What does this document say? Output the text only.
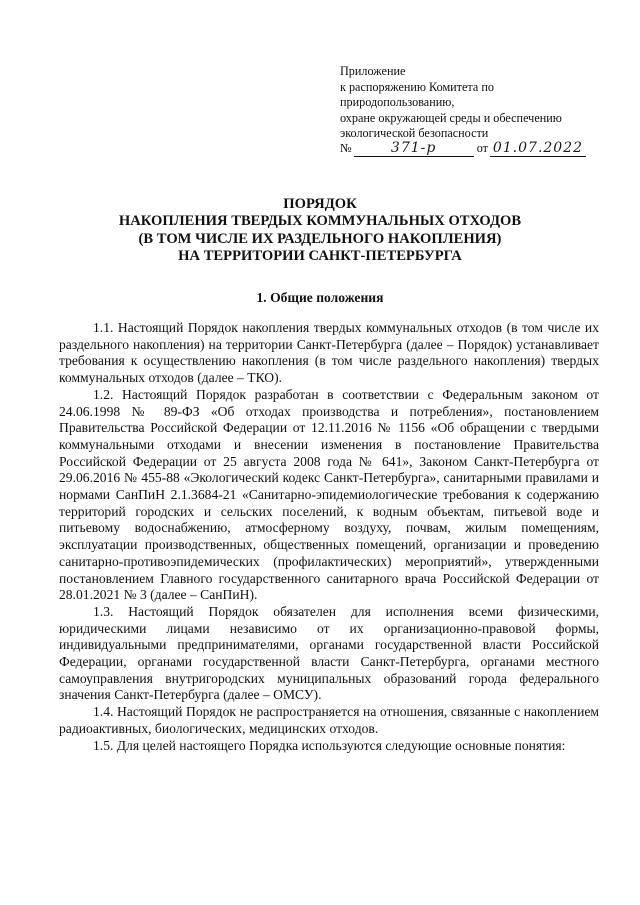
Приложение
к распоряжению Комитета по
природопользованию,
охране окружающей среды и обеспечению
экологической безопасности
№	371-р	от 01.07.2022
ПОРЯДОК
НАКОПЛЕНИЯ ТВЕРДЫХ КОММУНАЛЬНЫХ ОТХОДОВ
(В ТОМ ЧИСЛЕ ИХ РАЗДЕЛЬНОГО НАКОПЛЕНИЯ)
НА ТЕРРИТОРИИ САНКТ-ПЕТЕРБУРГА
1. Общие положения

1.1. Настоящий Порядок накопления твердых коммунальных отходов (в том числе их раздельного накопления) на территории Санкт-Петербурга (далее – Порядок) устанавливает требования к осуществлению накопления (в том числе раздельного накопления) твердых коммунальных отходов (далее – ТКО).

1.2. Настоящий Порядок разработан в соответствии с Федеральным законом от 24.06.1998 № 89-ФЗ «Об отходах производства и потребления», постановлением Правительства Российской Федерации от 12.11.2016 № 1156 «Об обращении с твердыми коммунальными отходами и внесении изменения в постановление Правительства Российской Федерации от 25 августа 2008 года № 641», Законом Санкт-Петербурга от 29.06.2016 № 455-88 «Экологический кодекс Санкт-Петербурга», санитарными правилами и нормами СанПиН 2.1.3684-21 «Санитарно-эпидемиологические требования к содержанию территорий городских и сельских поселений, к водным объектам, питьевой воде и питьевому водоснабжению, атмосферному воздуху, почвам, жилым помещениям, эксплуатации производственных, общественных помещений, организации и проведению санитарно-противоэпидемических (профилактических) мероприятий», утвержденными постановлением Главного государственного санитарного врача Российской Федерации от 28.01.2021 № 3 (далее – СанПиН).

1.3. Настоящий Порядок обязателен для исполнения всеми физическими, юридическими лицами независимо от их организационно-правовой формы, индивидуальными предпринимателями, органами государственной власти Российской Федерации, органами государственной власти Санкт-Петербурга, органами местного самоуправления внутригородских муниципальных образований города федерального значения Санкт-Петербурга (далее – ОМСУ).

1.4. Настоящий Порядок не распространяется на отношения, связанные с накоплением радиоактивных, биологических, медицинских отходов.

1.5. Для целей настоящего Порядка используются следующие основные понятия:
